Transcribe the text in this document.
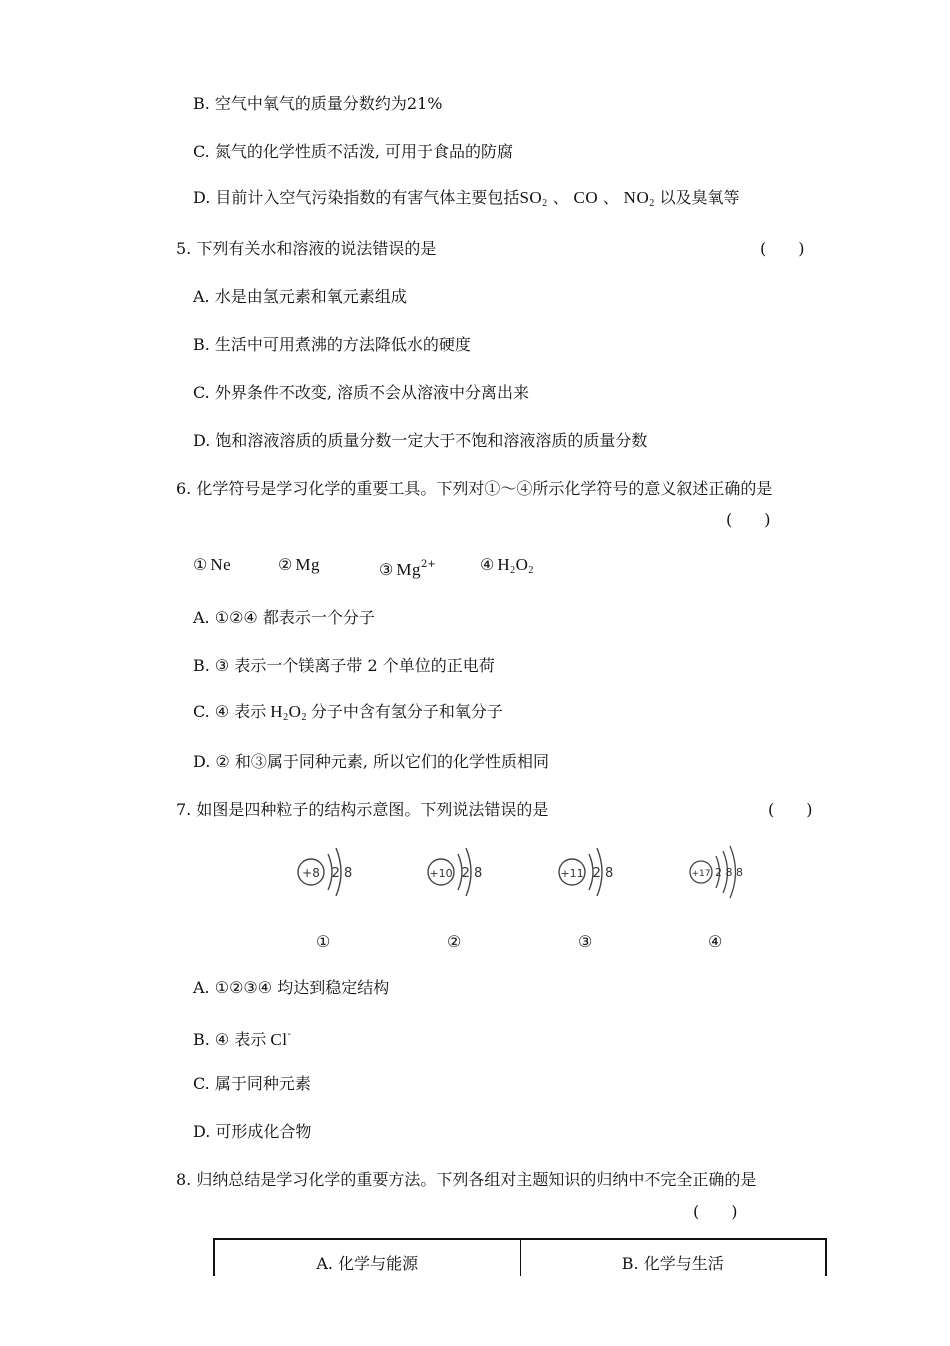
B. 空气中氧气的质量分数约为21%
C. 氮气的化学性质不活泼, 可用于食品的防腐
D. 目前计入空气污染指数的有害气体主要包括$SO_2$ 、 CO 、 $NO_2$ 以及臭氧等
5. 下列有关水和溶液的说法错误的是	(　　)
A. 水是由氢元素和氧元素组成
B. 生活中可用煮沸的方法降低水的硬度
C. 外界条件不改变, 溶质不会从溶液中分离出来
D. 饱和溶液溶质的质量分数一定大于不饱和溶液溶质的质量分数
6. 化学符号是学习化学的重要工具。下列对①～④所示化学符号的意义叙述正确的是
(　　)
① Ne	② Mg	③ $Mg^{2+}$	④ $H_2O_2$
A. ①②④ 都表示一个分子
B. ③ 表示一个镁离子带 2 个单位的正电荷
C. ④ 表示 $H_2O_2$ 分子中含有氢分子和氧分子
D. ② 和③属于同种元素, 所以它们的化学性质相同
7. 如图是四种粒子的结构示意图。下列说法错误的是	(　　)
+8 2 8	+10 2 8	+11 2 8	+17 2 8 8
①	②	③	④
A. ①②③④ 均达到稳定结构
B. ④ 表示 Cl-
C. 属于同种元素
D. 可形成化合物
8. 归纳总结是学习化学的重要方法。下列各组对主题知识的归纳中不完全正确的是
(　　)
A. 化学与能源	B. 化学与生活
